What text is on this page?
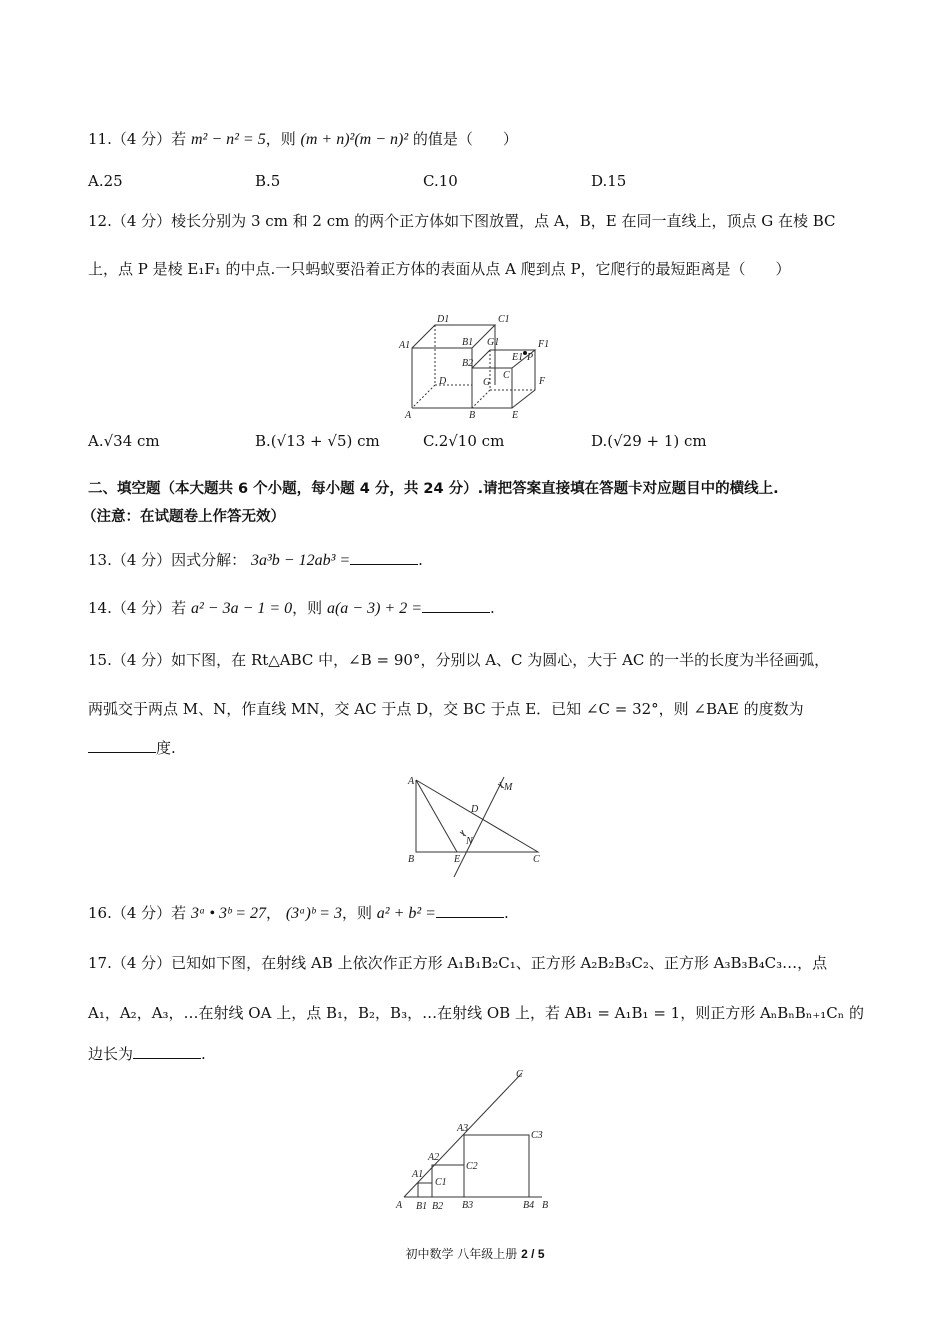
11.（4 分）若 m² − n² = 5，则 (m + n)²(m − n)² 的值是（　　）
A.25	B.5	C.10	D.15
12.（4 分）棱长分别为 3 cm 和 2 cm 的两个正方体如下图放置，点 A，B，E 在同一直线上，顶点 G 在棱 BC
上，点 P 是棱 E₁F₁ 的中点.一只蚂蚁要沿着正方体的表面从点 A 爬到点 P，它爬行的最短距离是（　　）
D1	C1
A1	B1 G1	F1
B2
E1 P
D
C
G	F
A	B	E
A.√34 cm	B.(√13 + √5) cm	C.2√10 cm	D.(√29 + 1) cm
二、填空题（本大题共 6 个小题，每小题 4 分，共 24 分）.请把答案直接填在答题卡对应题目中的横线上.
（注意：在试题卷上作答无效）
13.（4 分）因式分解： 3a³b − 12ab³ =	.
14.（4 分）若 a² − 3a − 1 = 0，则 a(a − 3) + 2 =	.
15.（4 分）如下图，在 Rt△ABC 中，∠B = 90°，分别以 A、C 为圆心，大于 AC 的一半的长度为半径画弧，
两弧交于两点 M、N，作直线 MN，交 AC 于点 D，交 BC 于点 E．已知 ∠C = 32°，则 ∠BAE 的度数为
度.
A
M
D
N
B	E	C
16.（4 分）若 3ᵃ • 3ᵇ = 27， (3ᵃ)ᵇ = 3，则 a² + b² =	.
17.（4 分）已知如下图，在射线 AB 上依次作正方形 A₁B₁B₂C₁、正方形 A₂B₂B₃C₂、正方形 A₃B₃B₄C₃…，点
A₁，A₂，A₃，…在射线 OA 上，点 B₁，B₂，B₃，…在射线 OB 上，若 AB₁ = A₁B₁ = 1，则正方形 AₙBₙBₙ₊₁Cₙ 的
边长为	.
C
A3
C3
A2
C2
A1
C1
A B1 B2 B3	B4 B
初中数学 八年级上册 2 / 5
